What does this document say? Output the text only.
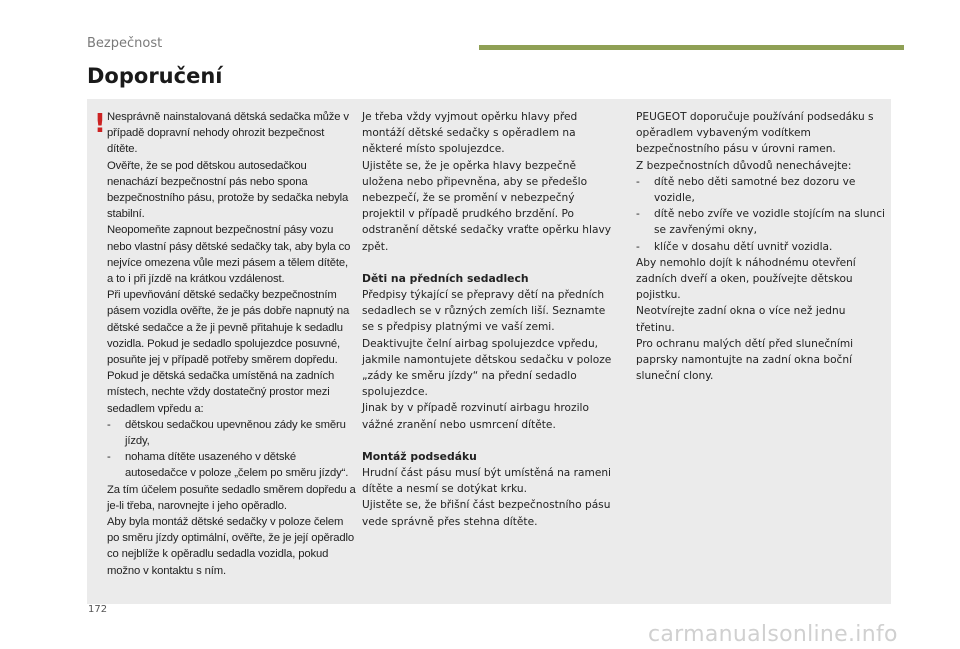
Bezpečnost
Doporučení
! Nesprávně nainstalovaná dětská sedačka může v případě dopravní nehody ohrozit bezpečnost dítěte.

Ověřte, že se pod dětskou autosedačkou nenachází bezpečnostní pás nebo spona bezpečnostního pásu, protože by sedačka nebyla stabilní.

Neopomeňte zapnout bezpečnostní pásy vozu nebo vlastní pásy dětské sedačky tak, aby byla co nejvíce omezena vůle mezi pásem a tělem dítěte, a to i při jízdě na krátkou vzdálenost.

Při upevňování dětské sedačky bezpečnostním pásem vozidla ověřte, že je pás dobře napnutý na dětské sedačce a že ji pevně přitahuje k sedadlu vozidla. Pokud je sedadlo spolujezdce posuvné, posuňte jej v případě potřeby směrem dopředu.

Pokud je dětská sedačka umístěná na zadních místech, nechte vždy dostatečný prostor mezi sedadlem vpředu a:

- dětskou sedačkou upevněnou zády ke směru jízdy,
- nohama dítěte usazeného v dětské autosedačce v poloze „čelem po směru jízdy“.

Za tím účelem posuňte sedadlo směrem dopředu a je-li třeba, narovnejte i jeho opěradlo.

Aby byla montáž dětské sedačky v poloze čelem po směru jízdy optimální, ověřte, že je její opěradlo co nejblíže k opěradlu sedadla vozidla, pokud možno v kontaktu s ním.

Je třeba vždy vyjmout opěrku hlavy před montáží dětské sedačky s opěradlem na některé místo spolujezdce.

Ujistěte se, že je opěrka hlavy bezpečně uložena nebo připevněna, aby se předešlo nebezpečí, že se promění v nebezpečný projektil v případě prudkého brzdění. Po odstranění dětské sedačky vraťte opěrku hlavy zpět.

Děti na předních sedadlech

Předpisy týkající se přepravy dětí na předních sedadlech se v různých zemích liší. Seznamte se s předpisy platnými ve vaší zemi.

Deaktivujte čelní airbag spolujezdce vpředu, jakmile namontujete dětskou sedačku v poloze „zády ke směru jízdy“ na přední sedadlo spolujezdce.

Jinak by v případě rozvinutí airbagu hrozilo vážné zranění nebo usmrcení dítěte.

Montáž podsedáku

Hrudní část pásu musí být umístěná na rameni dítěte a nesmí se dotýkat krku.

Ujistěte se, že břišní část bezpečnostního pásu vede správně přes stehna dítěte.

PEUGEOT doporučuje používání podsedáku s opěradlem vybaveným vodítkem bezpečnostního pásu v úrovni ramen.

Z bezpečnostních důvodů nenechávejte:

- dítě nebo děti samotné bez dozoru ve vozidle,
- dítě nebo zvíře ve vozidle stojícím na slunci se zavřenými okny,
- klíče v dosahu dětí uvnitř vozidla.

Aby nemohlo dojít k náhodnému otevření zadních dveří a oken, používejte dětskou pojistku.

Neotvírejte zadní okna o více než jednu třetinu.

Pro ochranu malých dětí před slunečními paprsky namontujte na zadní okna boční sluneční clony.

172
carmanualsonline.info
